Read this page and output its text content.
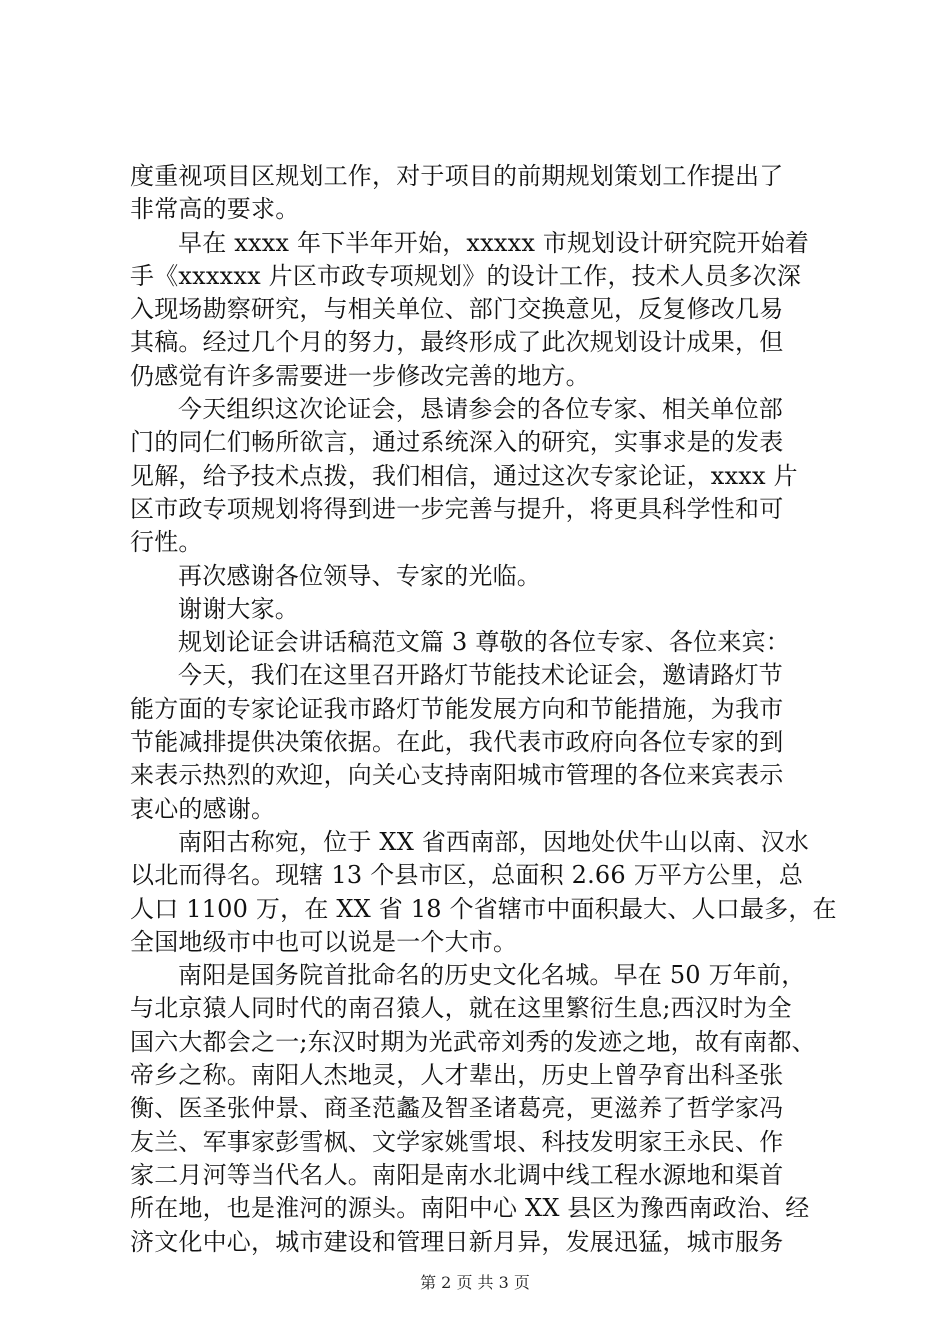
度重视项目区规划工作，对于项目的前期规划策划工作提出了
非常高的要求。
早在 xxxx 年下半年开始，xxxxx 市规划设计研究院开始着
手《xxxxxx 片区市政专项规划》的设计工作，技术人员多次深
入现场勘察研究，与相关单位、部门交换意见，反复修改几易
其稿。经过几个月的努力，最终形成了此次规划设计成果，但
仍感觉有许多需要进一步修改完善的地方。
今天组织这次论证会，恳请参会的各位专家、相关单位部
门的同仁们畅所欲言，通过系统深入的研究，实事求是的发表
见解，给予技术点拨，我们相信，通过这次专家论证，xxxx 片
区市政专项规划将得到进一步完善与提升，将更具科学性和可
行性。
再次感谢各位领导、专家的光临。
谢谢大家。
规划论证会讲话稿范文篇 3 尊敬的各位专家、各位来宾：
今天，我们在这里召开路灯节能技术论证会，邀请路灯节
能方面的专家论证我市路灯节能发展方向和节能措施，为我市
节能减排提供决策依据。在此，我代表市政府向各位专家的到
来表示热烈的欢迎，向关心支持南阳城市管理的各位来宾表示
衷心的感谢。
南阳古称宛，位于 XX 省西南部，因地处伏牛山以南、汉水
以北而得名。现辖 13 个县市区，总面积 2.66 万平方公里，总
人口 1100 万，在 XX 省 18 个省辖市中面积最大、人口最多，在
全国地级市中也可以说是一个大市。
南阳是国务院首批命名的历史文化名城。早在 50 万年前，
与北京猿人同时代的南召猿人，就在这里繁衍生息;西汉时为全
国六大都会之一;东汉时期为光武帝刘秀的发迹之地，故有南都、
帝乡之称。南阳人杰地灵，人才辈出，历史上曾孕育出科圣张
衡、医圣张仲景、商圣范蠡及智圣诸葛亮，更滋养了哲学家冯
友兰、军事家彭雪枫、文学家姚雪垠、科技发明家王永民、作
家二月河等当代名人。南阳是南水北调中线工程水源地和渠首
所在地，也是淮河的源头。南阳中心 XX 县区为豫西南政治、经
济文化中心，城市建设和管理日新月异，发展迅猛，城市服务
第 2 页 共 3 页
